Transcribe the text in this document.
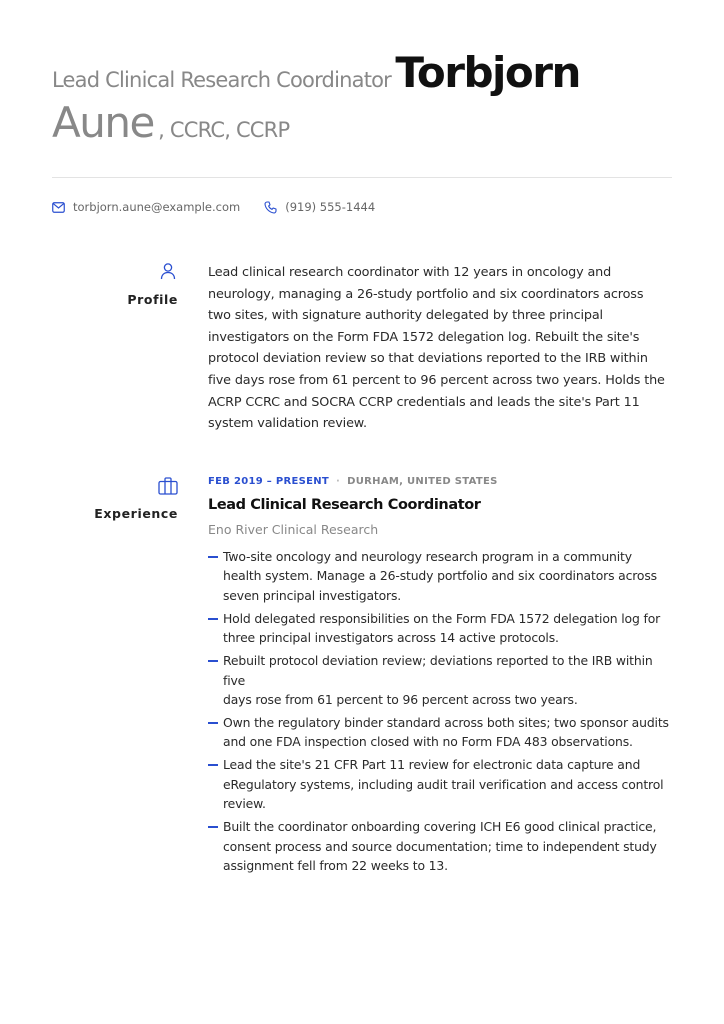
Lead Clinical Research Coordinator Torbjorn
Aune , CCRC, CCRP
torbjorn.aune@example.com	(919) 555-1444
Profile
Lead clinical research coordinator with 12 years in oncology and
neurology, managing a 26-study portfolio and six coordinators across
two sites, with signature authority delegated by three principal
investigators on the Form FDA 1572 delegation log. Rebuilt the site's
protocol deviation review so that deviations reported to the IRB within
five days rose from 61 percent to 96 percent across two years. Holds the
ACRP CCRC and SOCRA CCRP credentials and leads the site's Part 11
system validation review.
Experience
FEB 2019 – PRESENT · DURHAM, UNITED STATES
Lead Clinical Research Coordinator
Eno River Clinical Research
Two-site oncology and neurology research program in a community
health system. Manage a 26-study portfolio and six coordinators across
seven principal investigators.
Hold delegated responsibilities on the Form FDA 1572 delegation log for
three principal investigators across 14 active protocols.
Rebuilt protocol deviation review; deviations reported to the IRB within five
days rose from 61 percent to 96 percent across two years.
Own the regulatory binder standard across both sites; two sponsor audits
and one FDA inspection closed with no Form FDA 483 observations.
Lead the site's 21 CFR Part 11 review for electronic data capture and
eRegulatory systems, including audit trail verification and access control
review.
Built the coordinator onboarding covering ICH E6 good clinical practice,
consent process and source documentation; time to independent study
assignment fell from 22 weeks to 13.
